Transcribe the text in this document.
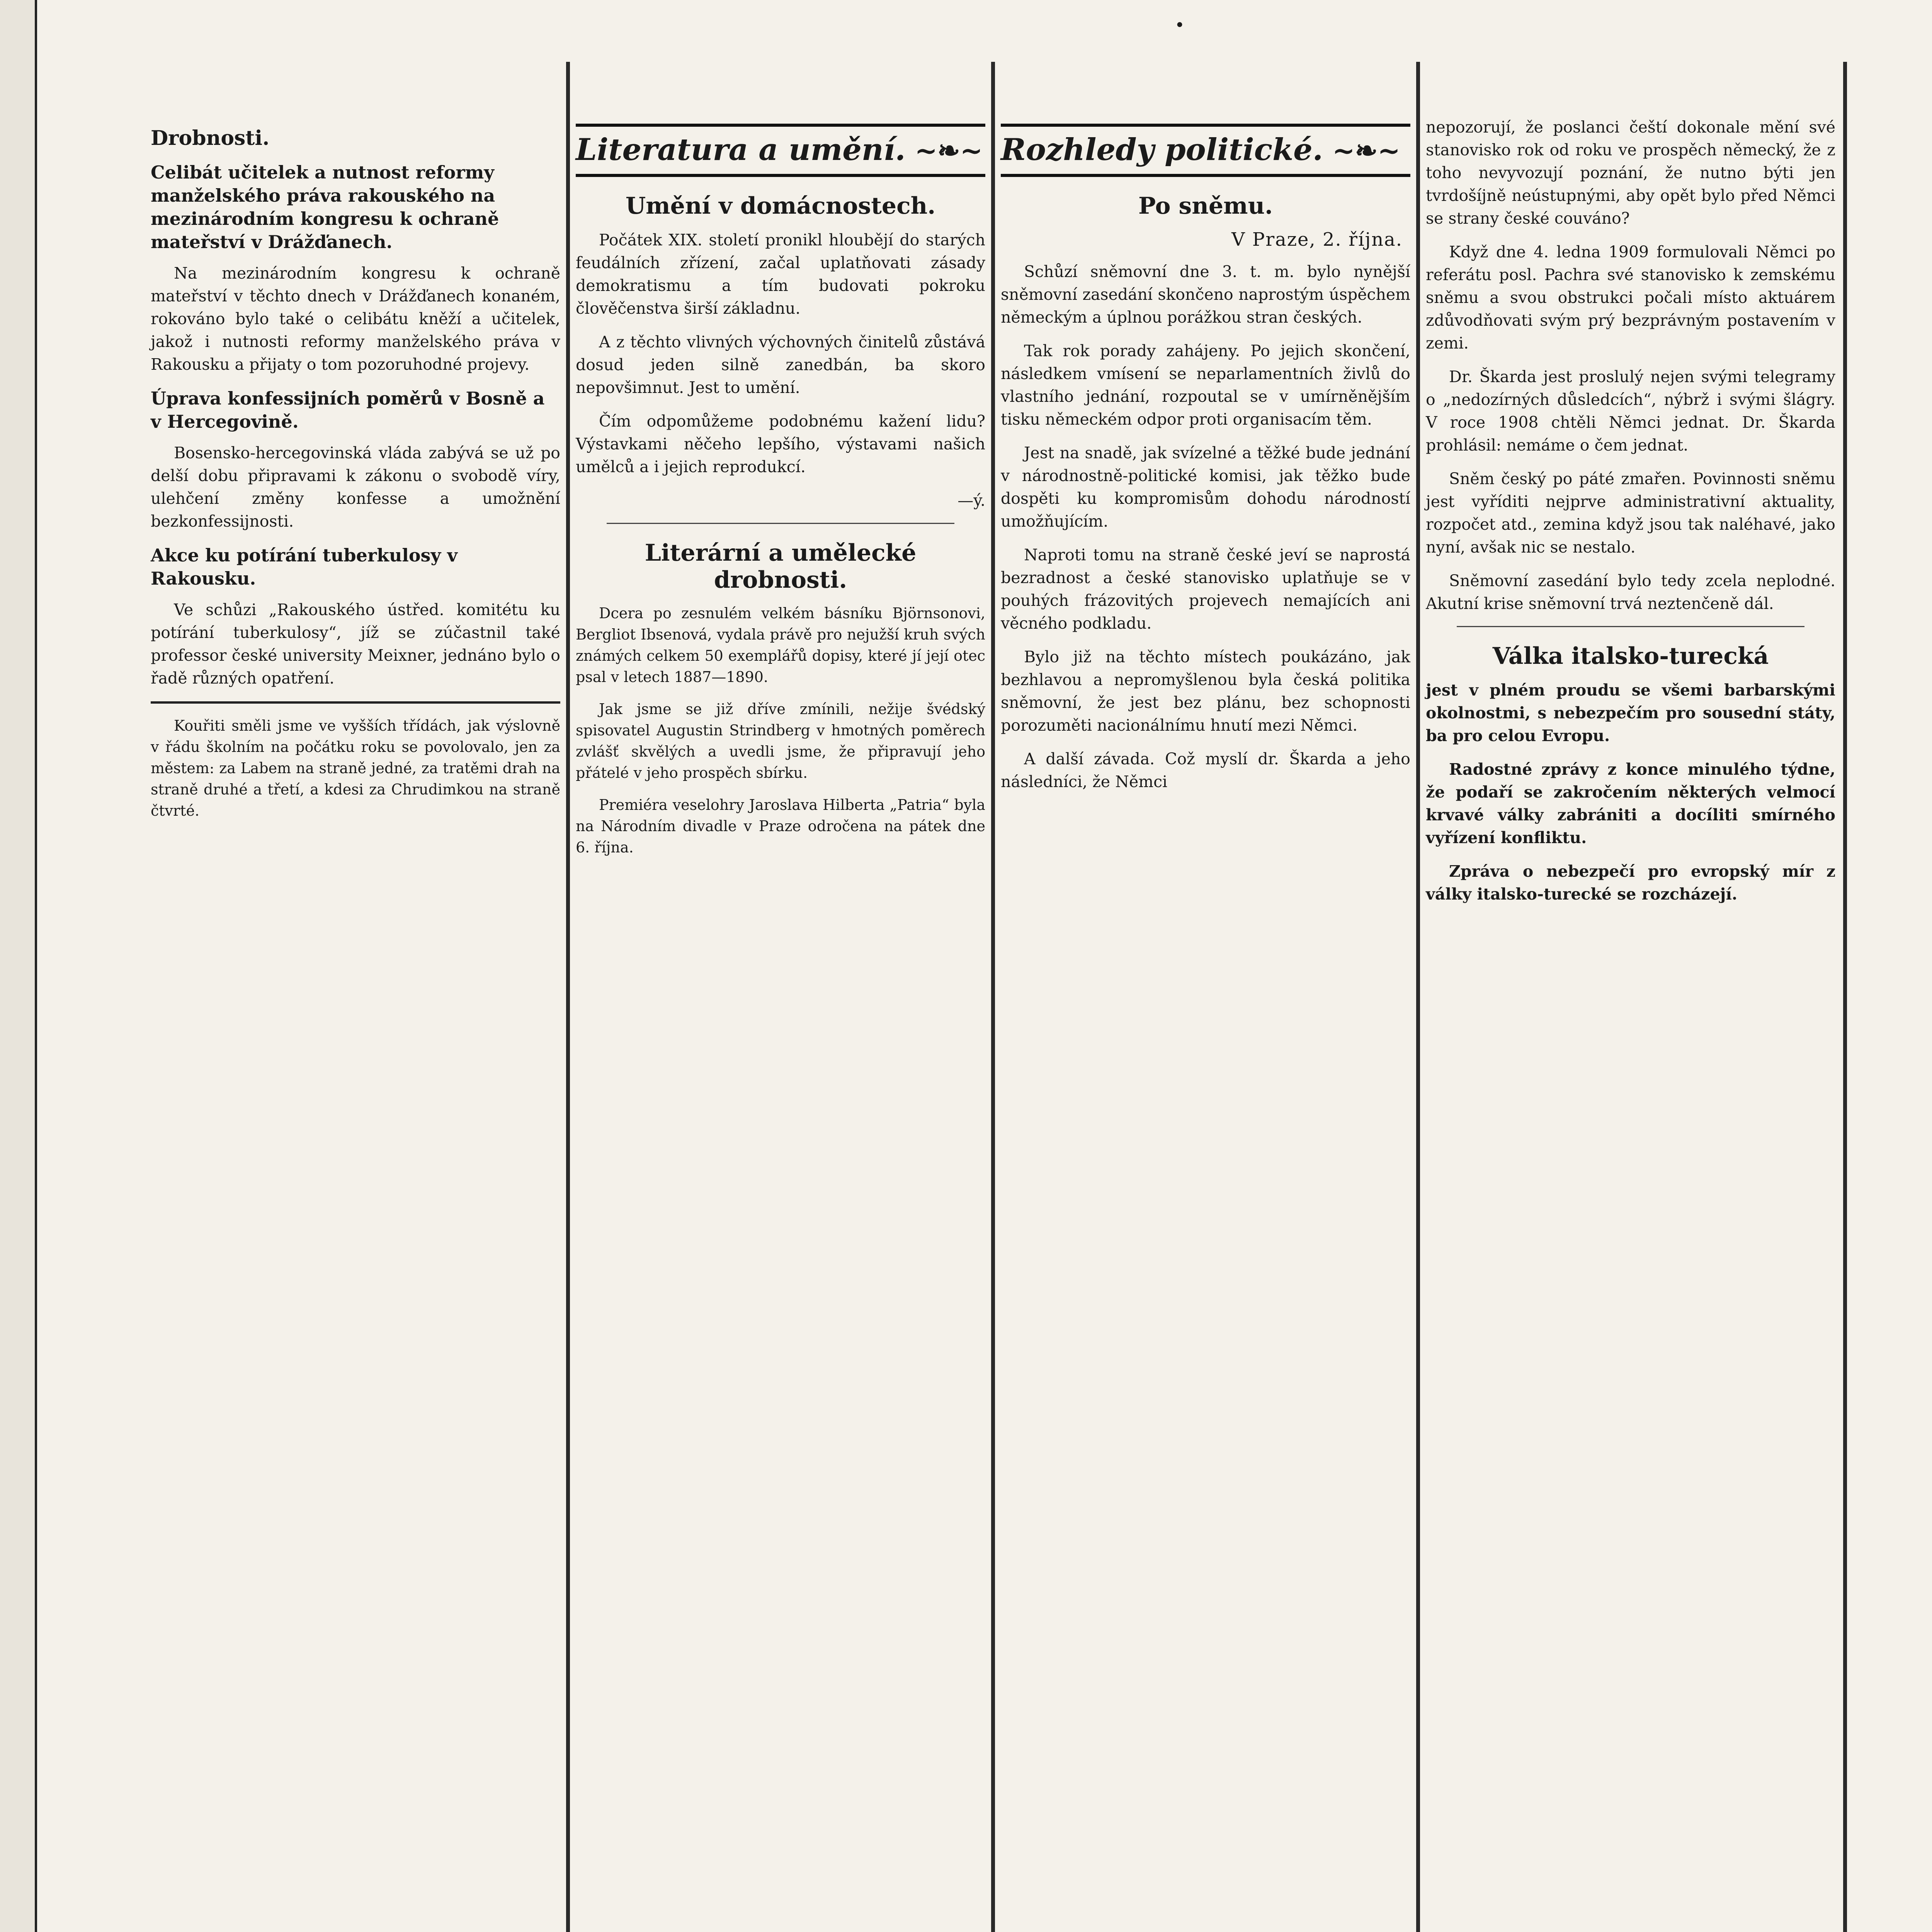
•
Drobnosti.
Celibát učitelek a nutnost reformy manželského práva rakouského na mezinárodním kongresu k ochraně mateřství v Drážďanech.

Na mezinárodním kongresu k ochraně mateřství v těchto dnech v Drážďanech konaném, rokováno bylo také o celibátu kněží a učitelek, jakož i nutnosti reformy manželského práva v Rakousku a přijaty o tom pozoruhodné projevy.

Úprava konfessijních poměrů v Bosně a v Hercegovině.

Bosensko-hercegovinská vláda zabývá se už po delší dobu připravami k zákonu o svobodě víry, ulehčení změny konfesse a umožnění bezkonfessijnosti.

Akce ku potírání tuberkulosy v Rakousku.

Ve schůzi „Rakouského ústřed. komitétu ku potírání tuberkulosy“, jíž se zúčastnil také professor české university Meixner, jednáno bylo o řadě různých opatření.

Kouřiti směli jsme ve vyšších třídách, jak výslovně v řádu školním na počátku roku se povolovalo, jen za městem: za Labem na straně jedné, za tratěmi drah na straně druhé a třetí, a kdesi za Chrudimkou na straně čtvrté.

Literatura a umění. ~❧~
Umění v domácnostech.

Počátek XIX. století pronikl hloubějí do starých feudálních zřízení, začal uplatňovati zásady demokratismu a tím budovati pokroku člověčenstva širší základnu.

A z těchto vlivných výchovných činitelů zůstává dosud jeden silně zanedbán, ba skoro nepovšimnut. Jest to umění.

Čím odpomůžeme podobnému kažení lidu? Výstavkami něčeho lepšího, výstavami našich umělců a i jejich reprodukcí.

—ý.

Literární a umělecké drobnosti.

Dcera po zesnulém velkém básníku Björnsonovi, Bergliot Ibsenová, vydala právě pro nejužší kruh svých známých celkem 50 exemplářů dopisy, které jí její otec psal v letech 1887—1890.

Jak jsme se již dříve zmínili, nežije švédský spisovatel Augustin Strindberg v hmotných poměrech zvlášť skvělých a uvedli jsme, že připravují jeho přátelé v jeho prospěch sbírku.

Premiéra veselohry Jaroslava Hilberta „Patria“ byla na Národním divadle v Praze odročena na pátek dne 6. října.

Rozhledy politické. ~❧~
Po sněmu.
V Praze, 2. října.

Schůzí sněmovní dne 3. t. m. bylo nynější sněmovní zasedání skončeno naprostým úspěchem německým a úplnou porážkou stran českých.

Tak rok porady zahájeny. Po jejich skončení, následkem vmísení se neparlamentních živlů do vlastního jednání, rozpoutal se v umírněnějším tisku německém odpor proti organisacím těm.

Jest na snadě, jak svízelné a těžké bude jednání v národnostně-politické komisi, jak těžko bude dospěti ku kompromisům dohodu národností umožňujícím.

Naproti tomu na straně české jeví se naprostá bezradnost a české stanovisko uplatňuje se v pouhých frázovitých projevech nemajících ani věcného podkladu.

Bylo již na těchto místech poukázáno, jak bezhlavou a nepromyšlenou byla česká politika sněmovní, že jest bez plánu, bez schopnosti porozuměti nacionálnímu hnutí mezi Němci.

A další závada. Což myslí dr. Škarda a jeho následníci, že Němci

nepozorují, že poslanci čeští dokonale mění své stanovisko rok od roku ve prospěch německý, že z toho nevyvozují poznání, že nutno býti jen tvrdošíjně neústupnými, aby opět bylo před Němci se strany české couváno?

Když dne 4. ledna 1909 formulovali Němci po referátu posl. Pachra své stanovisko k zemskému sněmu a svou obstrukci počali místo aktuárem zdůvodňovati svým prý bezprávným postavením v zemi.

Dr. Škarda jest proslulý nejen svými telegramy o „nedozírných důsledcích“, nýbrž i svými šlágry. V roce 1908 chtěli Němci jednat. Dr. Škarda prohlásil: nemáme o čem jednat.

Sněm český po páté zmařen. Povinnosti sněmu jest vyříditi nejprve administrativní aktuality, rozpočet atd., zemina když jsou tak naléhavé, jako nyní, avšak nic se nestalo.

Sněmovní zasedání bylo tedy zcela neplodné. Akutní krise sněmovní trvá neztenčeně dál.

Válka italsko-turecká

jest v plném proudu se všemi barbarskými okolnostmi, s nebezpečím pro sousední státy, ba pro celou Evropu.

Radostné zprávy z konce minulého týdne, že podaří se zakročením některých velmocí krvavé války zabrániti a docíliti smírného vyřízení konfliktu.

Zpráva o nebezpečí pro evropský mír z války italsko-turecké se rozcházejí.
